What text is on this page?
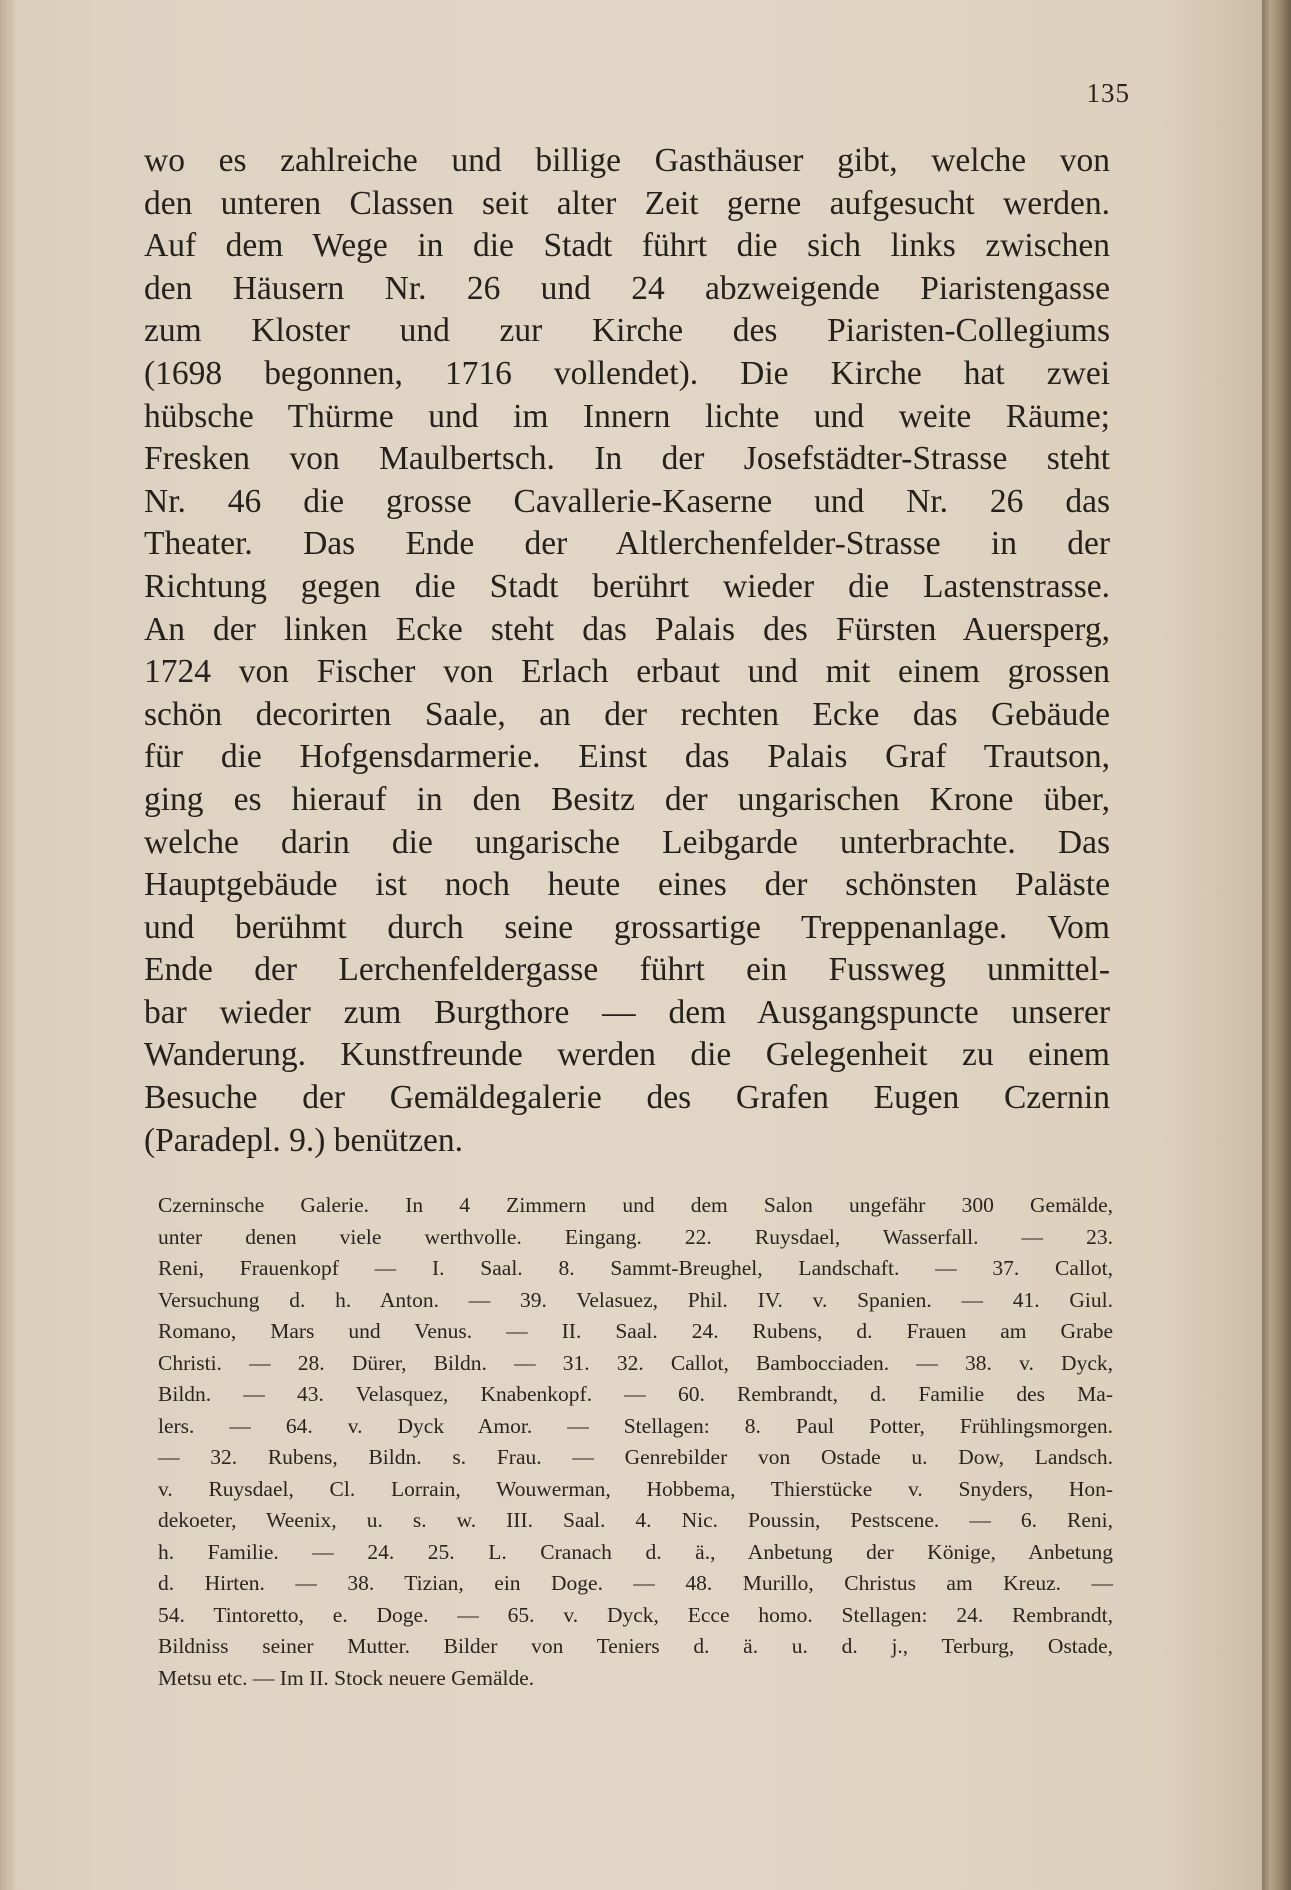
135
wo es zahlreiche und billige Gasthäuser gibt, welche von
den unteren Classen seit alter Zeit gerne aufgesucht werden.
Auf dem Wege in die Stadt führt die sich links zwischen
den Häusern Nr. 26 und 24 abzweigende Piaristengasse
zum Kloster und zur Kirche des Piaristen-Collegiums
(1698 begonnen, 1716 vollendet). Die Kirche hat zwei
hübsche Thürme und im Innern lichte und weite Räume;
Fresken von Maulbertsch. In der Josefstädter-Strasse steht
Nr. 46 die grosse Cavallerie-Kaserne und Nr. 26 das
Theater. Das Ende der Altlerchenfelder-Strasse in der
Richtung gegen die Stadt berührt wieder die Lastenstrasse.
An der linken Ecke steht das Palais des Fürsten Auersperg,
1724 von Fischer von Erlach erbaut und mit einem grossen
schön decorirten Saale, an der rechten Ecke das Gebäude
für die Hofgensdarmerie. Einst das Palais Graf Trautson,
ging es hierauf in den Besitz der ungarischen Krone über,
welche darin die ungarische Leibgarde unterbrachte. Das
Hauptgebäude ist noch heute eines der schönsten Paläste
und berühmt durch seine grossartige Treppenanlage. Vom
Ende der Lerchenfeldergasse führt ein Fussweg unmittel-
bar wieder zum Burgthore — dem Ausgangspuncte unserer
Wanderung. Kunstfreunde werden die Gelegenheit zu einem
Besuche der Gemäldegalerie des Grafen Eugen Czernin
(Paradepl. 9.) benützen.
Czerninsche Galerie. In 4 Zimmern und dem Salon ungefähr 300 Gemälde,
unter denen viele werthvolle. Eingang. 22. Ruysdael, Wasserfall. — 23.
Reni, Frauenkopf — I. Saal. 8. Sammt-Breughel, Landschaft. — 37. Callot,
Versuchung d. h. Anton. — 39. Velasuez, Phil. IV. v. Spanien. — 41. Giul.
Romano, Mars und Venus. — II. Saal. 24. Rubens, d. Frauen am Grabe
Christi. — 28. Dürer, Bildn. — 31. 32. Callot, Bambocciaden. — 38. v. Dyck,
Bildn. — 43. Velasquez, Knabenkopf. — 60. Rembrandt, d. Familie des Ma-
lers. — 64. v. Dyck Amor. — Stellagen: 8. Paul Potter, Frühlingsmorgen.
— 32. Rubens, Bildn. s. Frau. — Genrebilder von Ostade u. Dow, Landsch.
v. Ruysdael, Cl. Lorrain, Wouwerman, Hobbema, Thierstücke v. Snyders, Hon-
dekoeter, Weenix, u. s. w. III. Saal. 4. Nic. Poussin, Pestscene. — 6. Reni,
h. Familie. — 24. 25. L. Cranach d. ä., Anbetung der Könige, Anbetung
d. Hirten. — 38. Tizian, ein Doge. — 48. Murillo, Christus am Kreuz. —
54. Tintoretto, e. Doge. — 65. v. Dyck, Ecce homo. Stellagen: 24. Rembrandt,
Bildniss seiner Mutter. Bilder von Teniers d. ä. u. d. j., Terburg, Ostade,
Metsu etc. — Im II. Stock neuere Gemälde.
